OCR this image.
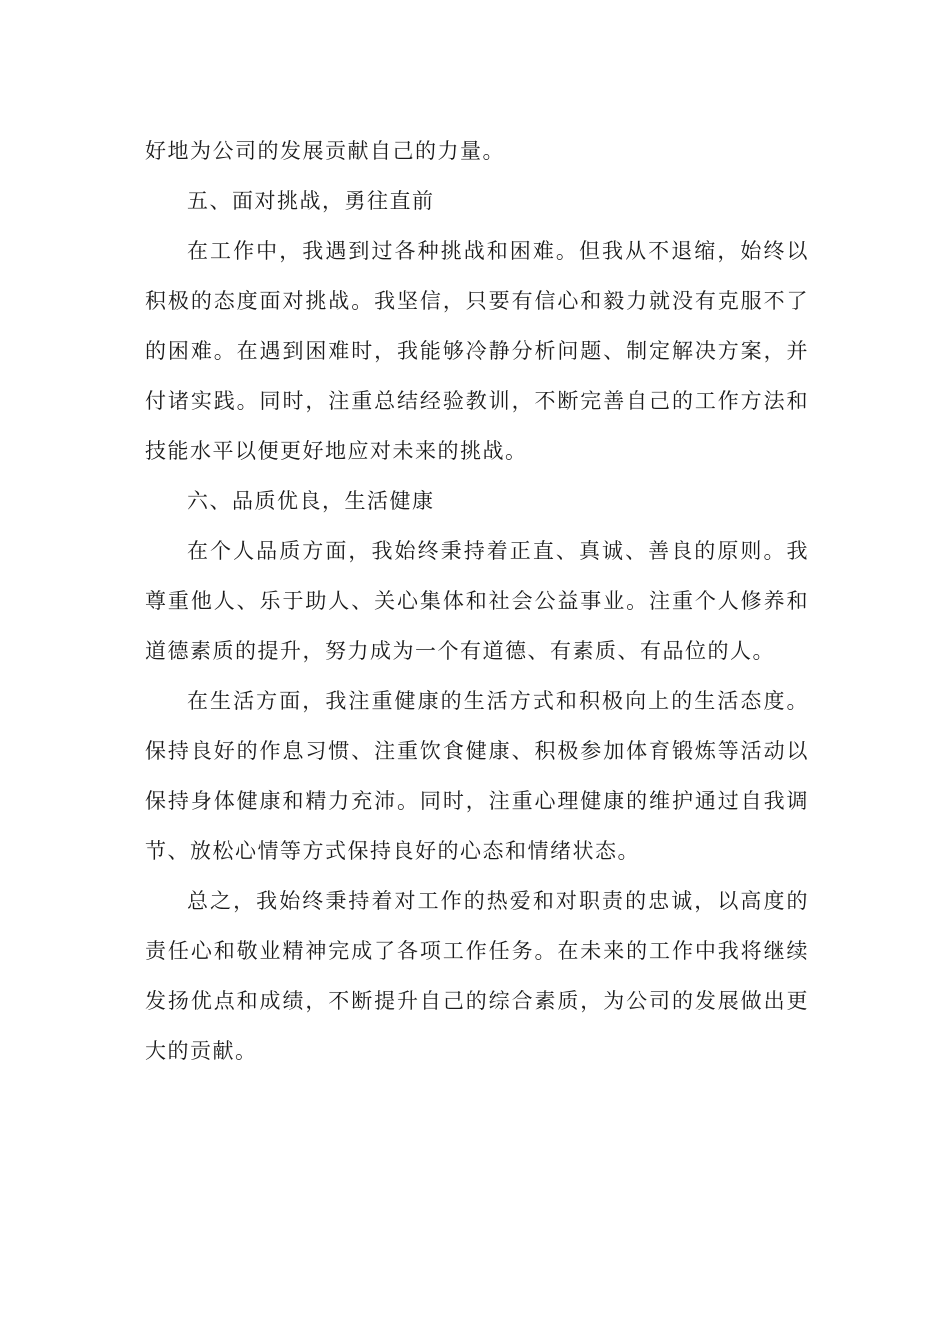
好地为公司的发展贡献自己的力量。

五、面对挑战，勇往直前

在工作中，我遇到过各种挑战和困难。但我从不退缩，始终以积极的态度面对挑战。我坚信，只要有信心和毅力就没有克服不了的困难。在遇到困难时，我能够冷静分析问题、制定解决方案，并付诸实践。同时，注重总结经验教训，不断完善自己的工作方法和技能水平以便更好地应对未来的挑战。

六、品质优良，生活健康

在个人品质方面，我始终秉持着正直、真诚、善良的原则。我尊重他人、乐于助人、关心集体和社会公益事业。注重个人修养和道德素质的提升，努力成为一个有道德、有素质、有品位的人。

在生活方面，我注重健康的生活方式和积极向上的生活态度。保持良好的作息习惯、注重饮食健康、积极参加体育锻炼等活动以保持身体健康和精力充沛。同时，注重心理健康的维护通过自我调节、放松心情等方式保持良好的心态和情绪状态。

总之，我始终秉持着对工作的热爱和对职责的忠诚，以高度的责任心和敬业精神完成了各项工作任务。在未来的工作中我将继续发扬优点和成绩，不断提升自己的综合素质，为公司的发展做出更大的贡献。
